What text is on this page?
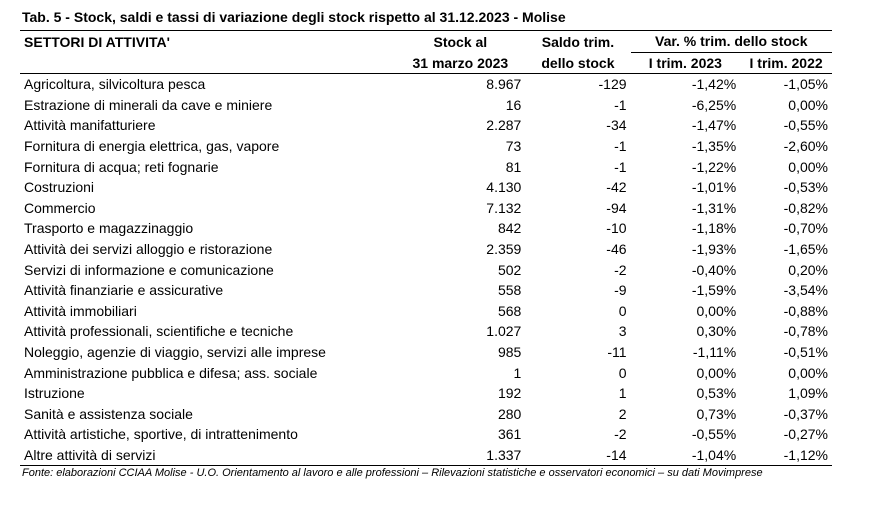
Tab. 5 - Stock, saldi e tassi di variazione degli stock rispetto al 31.12.2023 - Molise
SETTORI DI ATTIVITA'	Stock al	Saldo trim.	Var. % trim. dello stock	
	31 marzo 2023	dello stock	I trim. 2023	I trim. 2022
Agricoltura, silvicoltura pesca	8.967	-129	-1,42%	-1,05%
Estrazione di minerali da cave e miniere	16	-1	-6,25%	0,00%
Attività manifatturiere	2.287	-34	-1,47%	-0,55%
Fornitura di energia elettrica, gas, vapore	73	-1	-1,35%	-2,60%
Fornitura di acqua; reti fognarie	81	-1	-1,22%	0,00%
Costruzioni	4.130	-42	-1,01%	-0,53%
Commercio	7.132	-94	-1,31%	-0,82%
Trasporto e magazzinaggio	842	-10	-1,18%	-0,70%
Attività dei servizi alloggio e ristorazione	2.359	-46	-1,93%	-1,65%
Servizi di informazione e comunicazione	502	-2	-0,40%	0,20%
Attività finanziarie e assicurative	558	-9	-1,59%	-3,54%
Attività immobiliari	568	0	0,00%	-0,88%
Attività professionali, scientifiche e tecniche	1.027	3	0,30%	-0,78%
Noleggio, agenzie di viaggio, servizi alle imprese	985	-11	-1,11%	-0,51%
Amministrazione pubblica e difesa; ass. sociale	1	0	0,00%	0,00%
Istruzione	192	1	0,53%	1,09%
Sanità e assistenza sociale	280	2	0,73%	-0,37%
Attività artistiche, sportive, di intrattenimento	361	-2	-0,55%	-0,27%
Altre attività di servizi	1.337	-14	-1,04%	-1,12%
Fonte: elaborazioni CCIAA Molise - U.O. Orientamento al lavoro e alle professioni – Rilevazioni statistiche e osservatori economici – su dati Movimprese
